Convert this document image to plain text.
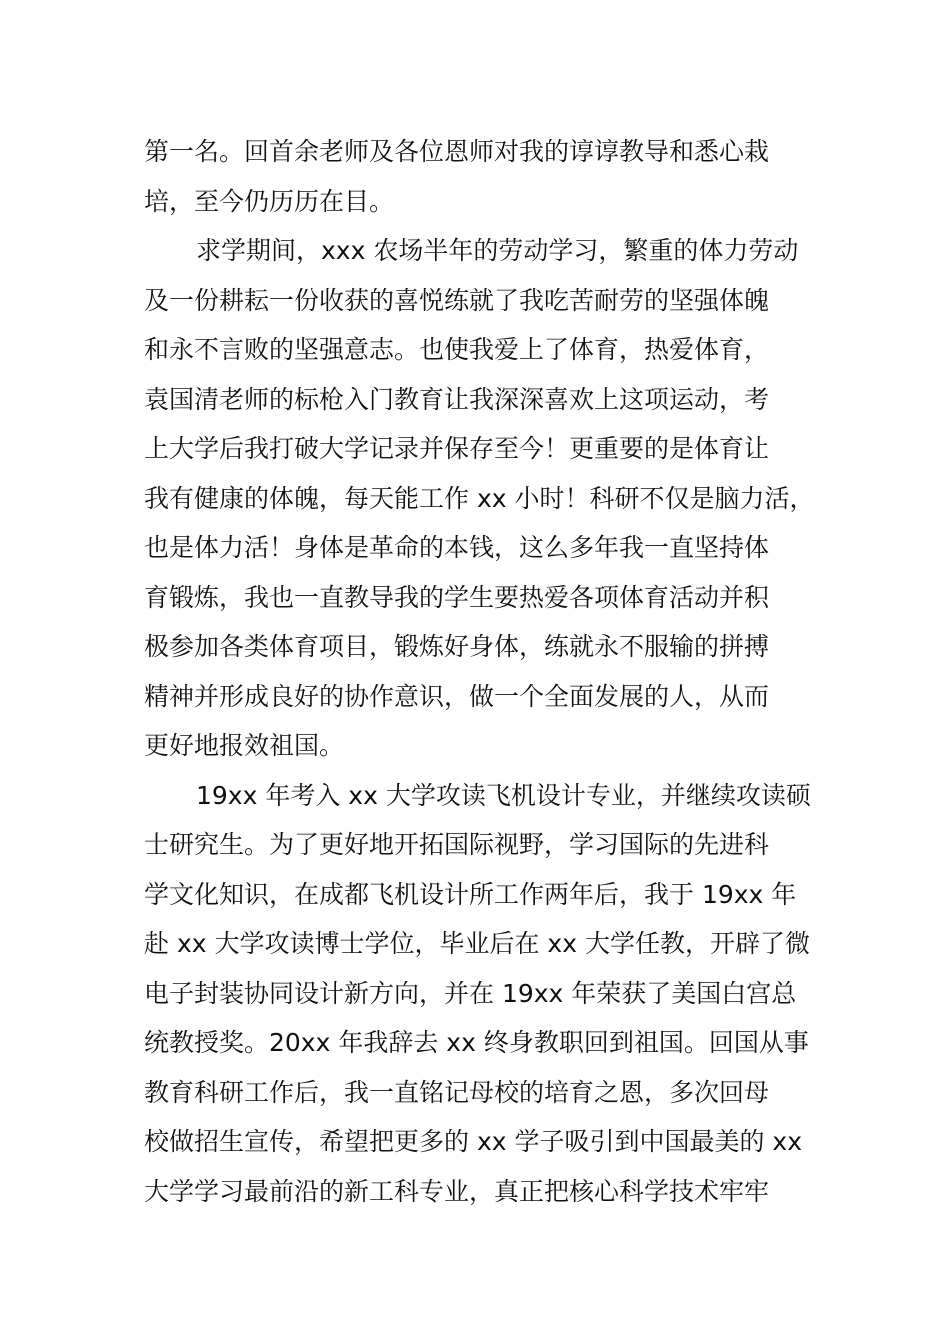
第一名。回首余老师及各位恩师对我的谆谆教导和悉心栽
培，至今仍历历在目。

求学期间，xxx 农场半年的劳动学习，繁重的体力劳动
及一份耕耘一份收获的喜悦练就了我吃苦耐劳的坚强体魄
和永不言败的坚强意志。也使我爱上了体育，热爱体育，
袁国清老师的标枪入门教育让我深深喜欢上这项运动，考
上大学后我打破大学记录并保存至今！更重要的是体育让
我有健康的体魄，每天能工作 xx 小时！科研不仅是脑力活，
也是体力活！身体是革命的本钱，这么多年我一直坚持体
育锻炼，我也一直教导我的学生要热爱各项体育活动并积
极参加各类体育项目，锻炼好身体，练就永不服输的拼搏
精神并形成良好的协作意识，做一个全面发展的人，从而
更好地报效祖国。

19xx 年考入 xx 大学攻读飞机设计专业，并继续攻读硕
士研究生。为了更好地开拓国际视野，学习国际的先进科
学文化知识，在成都飞机设计所工作两年后，我于 19xx 年
赴 xx 大学攻读博士学位，毕业后在 xx 大学任教，开辟了微
电子封装协同设计新方向，并在 19xx 年荣获了美国白宫总
统教授奖。20xx 年我辞去 xx 终身教职回到祖国。回国从事
教育科研工作后，我一直铭记母校的培育之恩，多次回母
校做招生宣传，希望把更多的 xx 学子吸引到中国最美的 xx
大学学习最前沿的新工科专业，真正把核心科学技术牢牢
